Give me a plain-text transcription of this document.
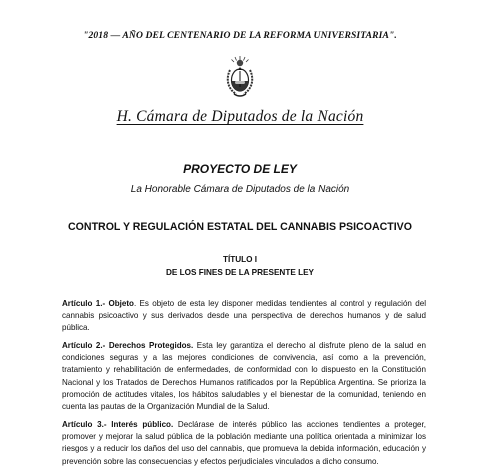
"2018 — AÑO DEL CENTENARIO DE LA REFORMA UNIVERSITARIA".
H. Cámara de Diputados de la Nación
PROYECTO DE LEY
La Honorable Cámara de Diputados de la Nación
CONTROL Y REGULACIÓN ESTATAL DEL CANNABIS PSICOACTIVO
TÍTULO I
DE LOS FINES DE LA PRESENTE LEY

Artículo 1.- Objeto. Es objeto de esta ley disponer medidas tendientes al control y regulación del cannabis psicoactivo y sus derivados desde una perspectiva de derechos humanos y de salud pública.

Artículo 2.- Derechos Protegidos. Esta ley garantiza el derecho al disfrute pleno de la salud en condiciones seguras y a las mejores condiciones de convivencia, así como a la prevención, tratamiento y rehabilitación de enfermedades, de conformidad con lo dispuesto en la Constitución Nacional y los Tratados de Derechos Humanos ratificados por la República Argentina. Se prioriza la promoción de actitudes vitales, los hábitos saludables y el bienestar de la comunidad, teniendo en cuenta las pautas de la Organización Mundial de la Salud.

Artículo 3.- Interés público. Declárase de interés público las acciones tendientes a proteger, promover y mejorar la salud pública de la población mediante una política orientada a minimizar los riesgos y a reducir los daños del uso del cannabis, que promueva la debida información, educación y prevención sobre las consecuencias y efectos perjudiciales vinculados a dicho consumo.
